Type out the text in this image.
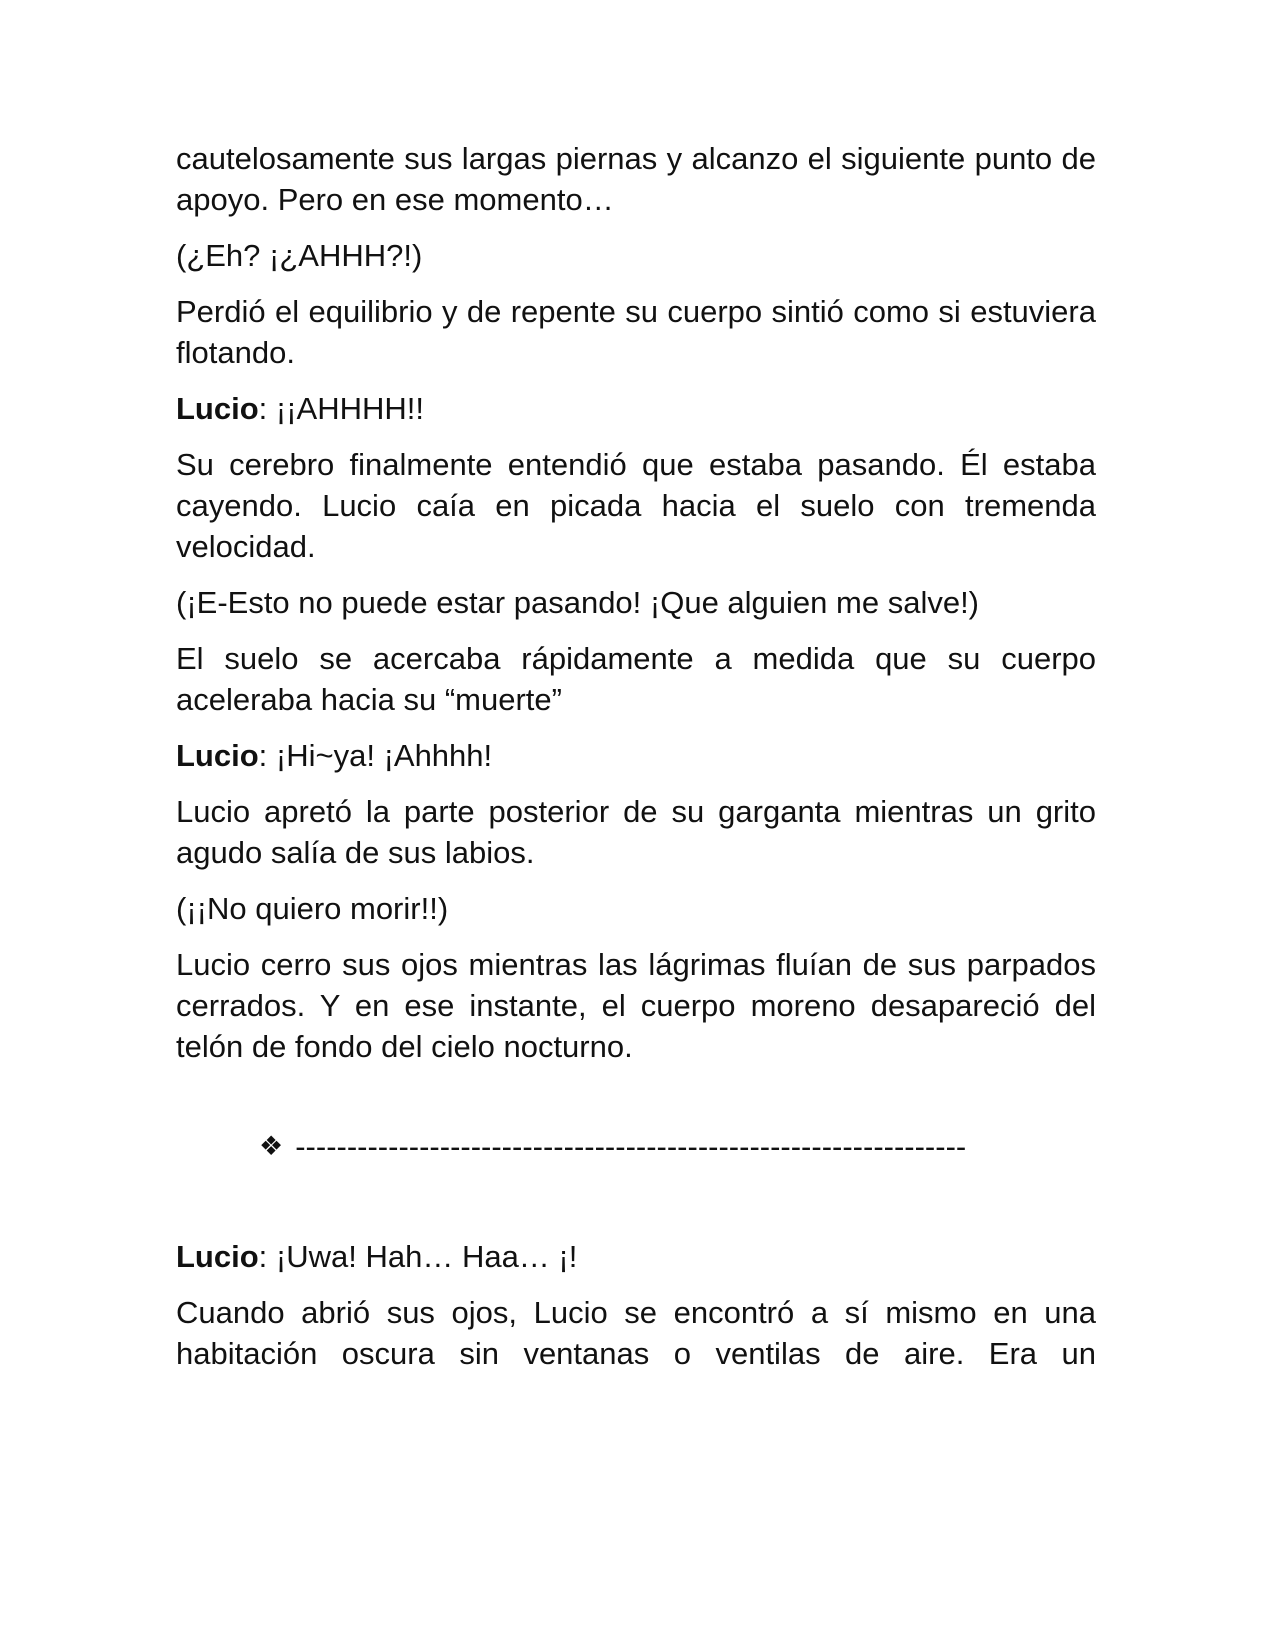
cautelosamente sus largas piernas y alcanzo el siguiente punto de apoyo. Pero en ese momento…

(¿Eh? ¡¿AHHH?!)

Perdió el equilibrio y de repente su cuerpo sintió como si estuviera flotando.

Lucio: ¡¡AHHHH!!

Su cerebro finalmente entendió que estaba pasando. Él estaba cayendo. Lucio caía en picada hacia el suelo con tremenda velocidad.

(¡E-Esto no puede estar pasando! ¡Que alguien me salve!)

El suelo se acercaba rápidamente a medida que su cuerpo aceleraba hacia su “muerte”

Lucio: ¡Hi~ya! ¡Ahhhh!

Lucio apretó la parte posterior de su garganta mientras un grito agudo salía de sus labios.

(¡¡No quiero morir!!)

Lucio cerro sus ojos mientras las lágrimas fluían de sus parpados cerrados. Y en ese instante, el cuerpo moreno desapareció del telón de fondo del cielo nocturno.

❖ -----------------------------------------------------------------

Lucio: ¡Uwa! Hah… Haa… ¡!

Cuando abrió sus ojos, Lucio se encontró a sí mismo en una habitación oscura sin ventanas o ventilas de aire. Era un
